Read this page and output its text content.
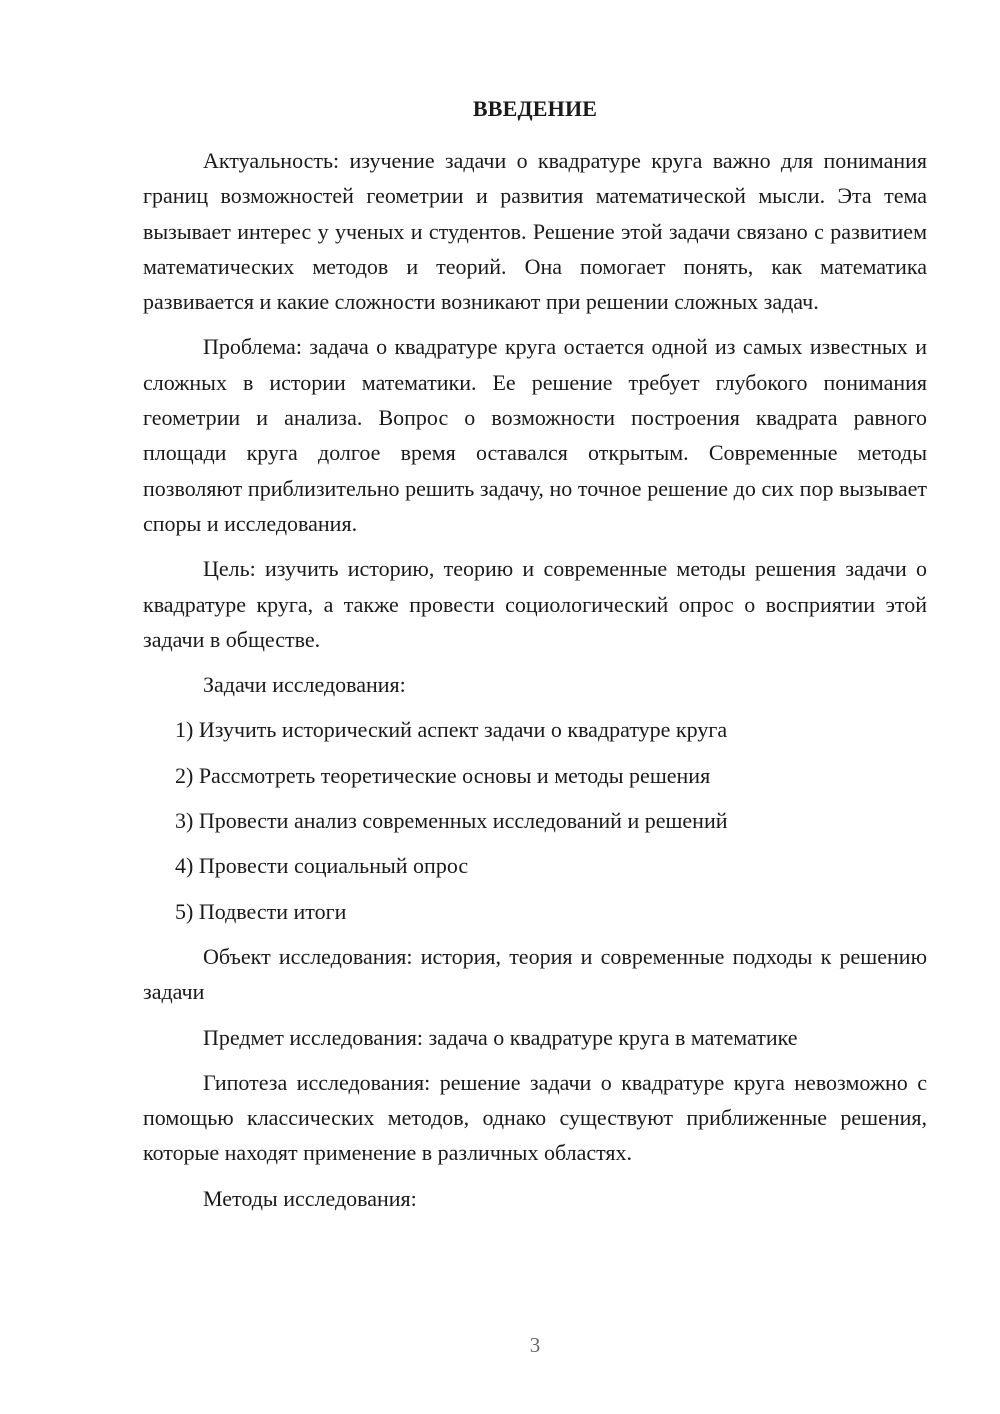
ВВЕДЕНИЕ

Актуальность: изучение задачи о квадратуре круга важно для понимания границ возможностей геометрии и развития математической мысли. Эта тема вызывает интерес у ученых и студентов. Решение этой задачи связано с развитием математических методов и теорий. Она помогает понять, как математика развивается и какие сложности возникают при решении сложных задач.

Проблема: задача о квадратуре круга остается одной из самых известных и сложных в истории математики. Ее решение требует глубокого понимания геометрии и анализа. Вопрос о возможности построения квадрата равного площади круга долгое время оставался открытым. Современные методы позволяют приблизительно решить задачу, но точное решение до сих пор вызывает споры и исследования.

Цель: изучить историю, теорию и современные методы решения задачи о квадратуре круга, а также провести социологический опрос о восприятии этой задачи в обществе.

Задачи исследования:

1) Изучить исторический аспект задачи о квадратуре круга
2) Рассмотреть теоретические основы и методы решения
3) Провести анализ современных исследований и решений
4) Провести социальный опрос
5) Подвести итоги

Объект исследования: история, теория и современные подходы к решению задачи

Предмет исследования: задача о квадратуре круга в математике

Гипотеза исследования: решение задачи о квадратуре круга невозможно с помощью классических методов, однако существуют приближенные решения, которые находят применение в различных областях.

Методы исследования:

3
